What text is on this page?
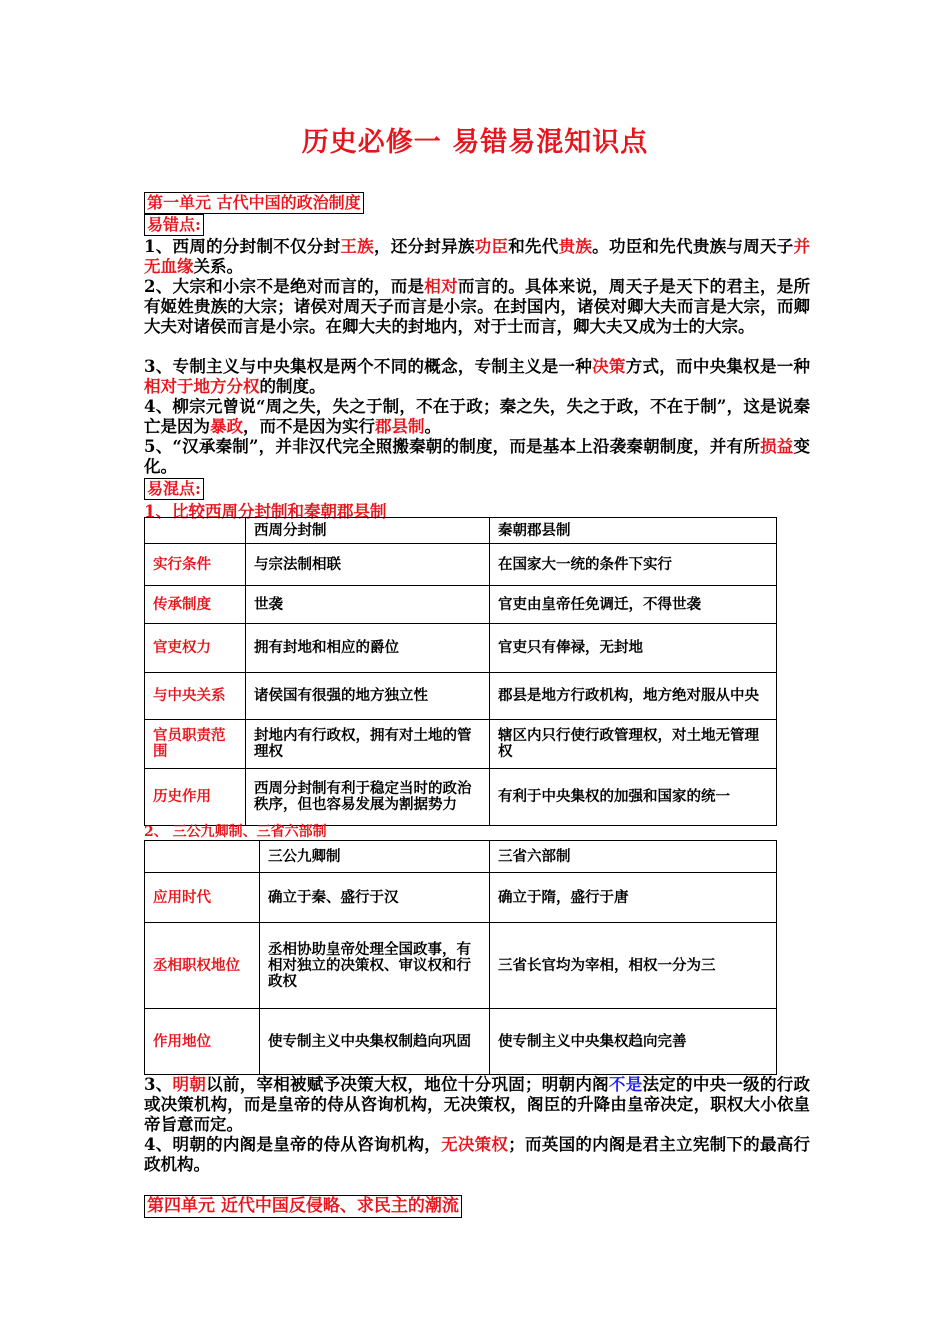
历史必修一 易错易混知识点
第一单元 古代中国的政治制度
易错点:
1、西周的分封制不仅分封王族，还分封异族功臣和先代贵族。功臣和先代贵族与周天子并无血缘关系。
2、大宗和小宗不是绝对而言的，而是相对而言的。具体来说，周天子是天下的君主，是所有姬姓贵族的大宗；诸侯对周天子而言是小宗。在封国内，诸侯对卿大夫而言是大宗，而卿大夫对诸侯而言是小宗。在卿大夫的封地内，对于士而言，卿大夫又成为士的大宗。
3、专制主义与中央集权是两个不同的概念，专制主义是一种决策方式，而中央集权是一种相对于地方分权的制度。
4、柳宗元曾说“周之失，失之于制，不在于政；秦之失，失之于政，不在于制”，这是说秦亡是因为暴政，而不是因为实行郡县制。
5、“汉承秦制”，并非汉代完全照搬秦朝的制度，而是基本上沿袭秦朝制度，并有所损益变化。
易混点:
1、比较西周分封制和秦朝郡县制
	西周分封制	秦朝郡县制
实行条件	与宗法制相联	在国家大一统的条件下实行
传承制度	世袭	官吏由皇帝任免调迁，不得世袭
官吏权力	拥有封地和相应的爵位	官吏只有俸禄，无封地
与中央关系	诸侯国有很强的地方独立性	郡县是地方行政机构，地方绝对服从中央
官员职责范围	封地内有行政权，拥有对土地的管理权	辖区内只行使行政管理权，对土地无管理权
历史作用	西周分封制有利于稳定当时的政治秩序，但也容易发展为割据势力	有利于中央集权的加强和国家的统一
2、 三公九卿制、三省六部制
	三公九卿制	三省六部制
应用时代	确立于秦、盛行于汉	确立于隋，盛行于唐
丞相职权地位	丞相协助皇帝处理全国政事，有相对独立的决策权、审议权和行政权	三省长官均为宰相，相权一分为三
作用地位	使专制主义中央集权制趋向巩固	使专制主义中央集权趋向完善
3、明朝以前，宰相被赋予决策大权，地位十分巩固；明朝内阁不是法定的中央一级的行政或决策机构，而是皇帝的侍从咨询机构，无决策权，阁臣的升降由皇帝决定，职权大小依皇帝旨意而定。
4、明朝的内阁是皇帝的侍从咨询机构，无决策权；而英国的内阁是君主立宪制下的最高行政机构。
第四单元 近代中国反侵略、求民主的潮流
